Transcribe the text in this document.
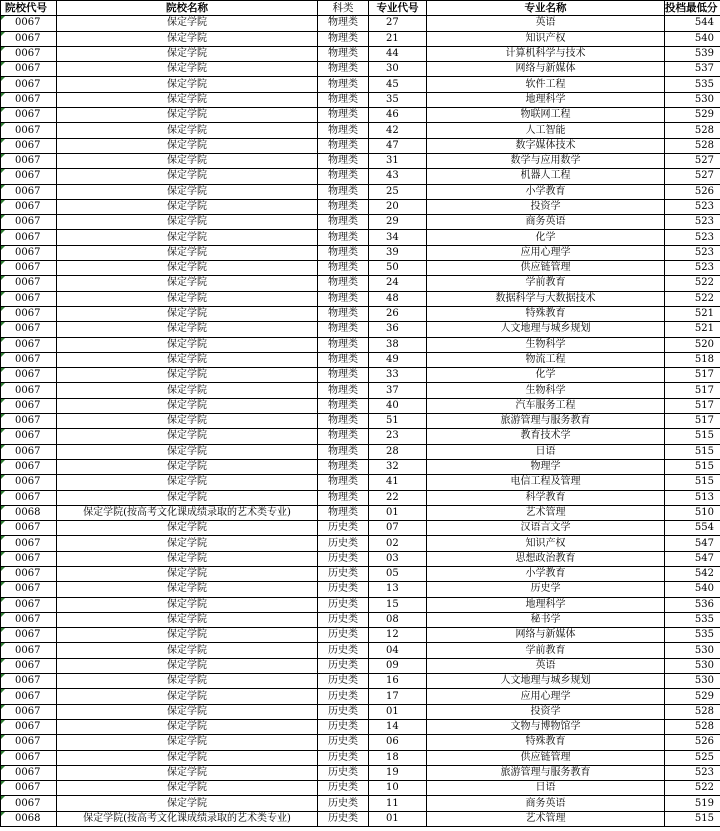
院校代号	院校名称	科类	专业代号	专业名称	投档最低分
0067	保定学院	物理类	27	英语	544
0067	保定学院	物理类	21	知识产权	540
0067	保定学院	物理类	44	计算机科学与技术	539
0067	保定学院	物理类	30	网络与新媒体	537
0067	保定学院	物理类	45	软件工程	535
0067	保定学院	物理类	35	地理科学	530
0067	保定学院	物理类	46	物联网工程	529
0067	保定学院	物理类	42	人工智能	528
0067	保定学院	物理类	47	数字媒体技术	528
0067	保定学院	物理类	31	数学与应用数学	527
0067	保定学院	物理类	43	机器人工程	527
0067	保定学院	物理类	25	小学教育	526
0067	保定学院	物理类	20	投资学	523
0067	保定学院	物理类	29	商务英语	523
0067	保定学院	物理类	34	化学	523
0067	保定学院	物理类	39	应用心理学	523
0067	保定学院	物理类	50	供应链管理	523
0067	保定学院	物理类	24	学前教育	522
0067	保定学院	物理类	48	数据科学与大数据技术	522
0067	保定学院	物理类	26	特殊教育	521
0067	保定学院	物理类	36	人文地理与城乡规划	521
0067	保定学院	物理类	38	生物科学	520
0067	保定学院	物理类	49	物流工程	518
0067	保定学院	物理类	33	化学	517
0067	保定学院	物理类	37	生物科学	517
0067	保定学院	物理类	40	汽车服务工程	517
0067	保定学院	物理类	51	旅游管理与服务教育	517
0067	保定学院	物理类	23	教育技术学	515
0067	保定学院	物理类	28	日语	515
0067	保定学院	物理类	32	物理学	515
0067	保定学院	物理类	41	电信工程及管理	515
0067	保定学院	物理类	22	科学教育	513
0068	保定学院(按高考文化课成绩录取的艺术类专业)	物理类	01	艺术管理	510
0067	保定学院	历史类	07	汉语言文学	554
0067	保定学院	历史类	02	知识产权	547
0067	保定学院	历史类	03	思想政治教育	547
0067	保定学院	历史类	05	小学教育	542
0067	保定学院	历史类	13	历史学	540
0067	保定学院	历史类	15	地理科学	536
0067	保定学院	历史类	08	秘书学	535
0067	保定学院	历史类	12	网络与新媒体	535
0067	保定学院	历史类	04	学前教育	530
0067	保定学院	历史类	09	英语	530
0067	保定学院	历史类	16	人文地理与城乡规划	530
0067	保定学院	历史类	17	应用心理学	529
0067	保定学院	历史类	01	投资学	528
0067	保定学院	历史类	14	文物与博物馆学	528
0067	保定学院	历史类	06	特殊教育	526
0067	保定学院	历史类	18	供应链管理	525
0067	保定学院	历史类	19	旅游管理与服务教育	523
0067	保定学院	历史类	10	日语	522
0067	保定学院	历史类	11	商务英语	519
0068	保定学院(按高考文化课成绩录取的艺术类专业)	历史类	01	艺术管理	515
